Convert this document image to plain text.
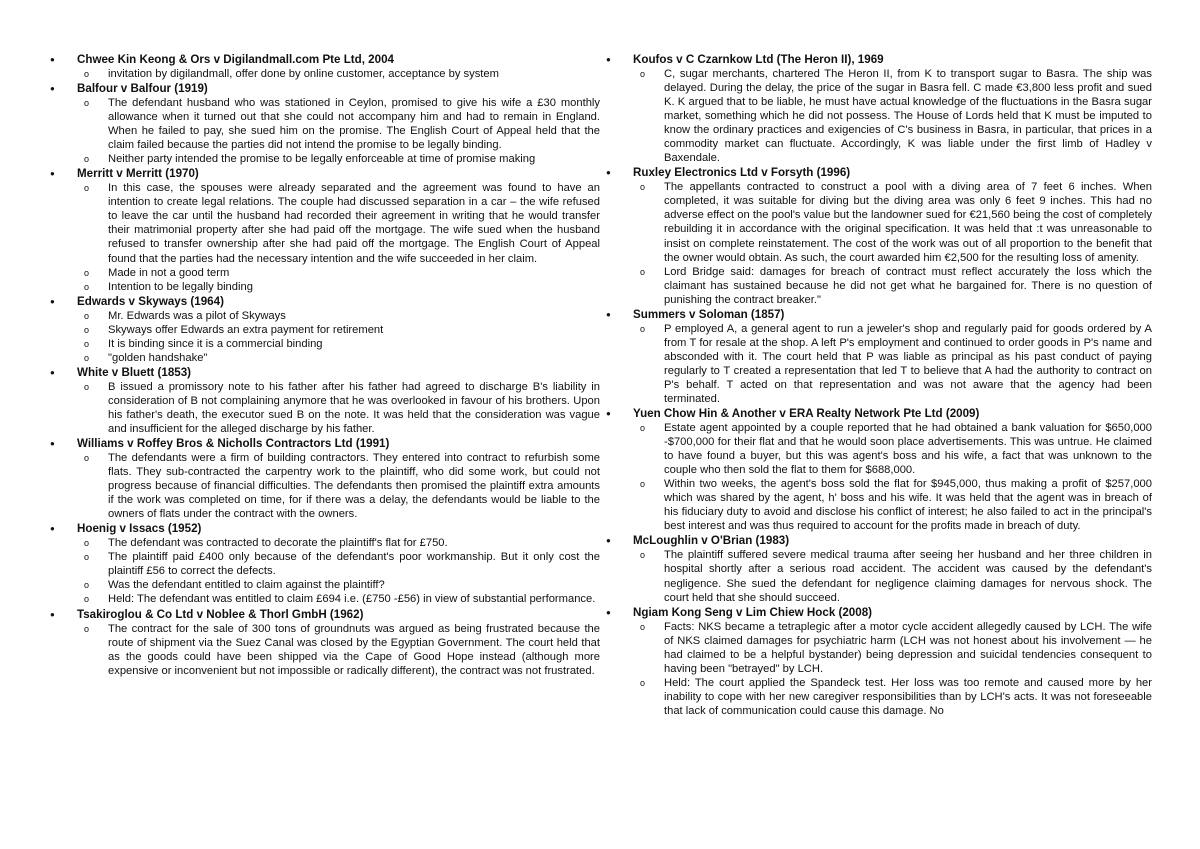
● Chwee Kin Keong & Ors v Digilandmall.com Pte Ltd, 2004
o invitation by digilandmall, offer done by online customer, acceptance by system
● Balfour v Balfour (1919)
o The defendant husband who was stationed in Ceylon, promised to give his wife a £30 monthly allowance when it turned out that she could not accompany him and had to remain in England. When he failed to pay, she sued him on the promise. The English Court of Appeal held that the claim failed because the parties did not intend the promise to be legally binding.
o Neither party intended the promise to be legally enforceable at time of promise making
● Merritt v Merritt (1970)
o In this case, the spouses were already separated and the agreement was found to have an intention to create legal relations. The couple had discussed separation in a car – the wife refused to leave the car until the husband had recorded their agreement in writing that he would transfer their matrimonial property after she had paid off the mortgage. The wife sued when the husband refused to transfer ownership after she had paid off the mortgage. The English Court of Appeal found that the parties had the necessary intention and the wife succeeded in her claim.
o Made in not a good term
o Intention to be legally binding
● Edwards v Skyways (1964)
o Mr. Edwards was a pilot of Skyways
o Skyways offer Edwards an extra payment for retirement
o It is binding since it is a commercial binding
o "golden handshake"
● White v Bluett (1853)
o B issued a promissory note to his father after his father had agreed to discharge B's liability in consideration of B not complaining anymore that he was overlooked in favour of his brothers. Upon his father's death, the executor sued B on the note. It was held that the consideration was vague and insufficient for the alleged discharge by his father.
● Williams v Roffey Bros & Nicholls Contractors Ltd (1991)
o The defendants were a firm of building contractors. They entered into contract to refurbish some flats. They sub-contracted the carpentry work to the plaintiff, who did some work, but could not progress because of financial difficulties. The defendants then promised the plaintiff extra amounts if the work was completed on time, for if there was a delay, the defendants would be liable to the owners of flats under the contract with the owners.
● Hoenig v Issacs (1952)
o The defendant was contracted to decorate the plaintiff's flat for £750.
o The plaintiff paid £400 only because of the defendant's poor workmanship. But it only cost the plaintiff £56 to correct the defects.
o Was the defendant entitled to claim against the plaintiff?
o Held: The defendant was entitled to claim £694 i.e. (£750 -£56) in view of substantial performance.
● Tsakiroglou & Co Ltd v Noblee & Thorl GmbH (1962)
o The contract for the sale of 300 tons of groundnuts was argued as being frustrated because the route of shipment via the Suez Canal was closed by the Egyptian Government. The court held that as the goods could have been shipped via the Cape of Good Hope instead (although more expensive or inconvenient but not impossible or radically different), the contract was not frustrated.
● Koufos v C Czarnkow Ltd (The Heron II), 1969
o C, sugar merchants, chartered The Heron II, from K to transport sugar to Basra. The ship was delayed. During the delay, the price of the sugar in Basra fell. C made €3,800 less profit and sued K. K argued that to be liable, he must have actual knowledge of the fluctuations in the Basra sugar market, something which he did not possess. The House of Lords held that K must be imputed to know the ordinary practices and exigencies of C's business in Basra, in particular, that prices in a commodity market can fluctuate. Accordingly, K was liable under the first limb of Hadley v Baxendale.
● Ruxley Electronics Ltd v Forsyth (1996)
o The appellants contracted to construct a pool with a diving area of 7 feet 6 inches. When completed, it was suitable for diving but the diving area was only 6 feet 9 inches. This had no adverse effect on the pool's value but the landowner sued for €21,560 being the cost of completely rebuilding it in accordance with the original specification. It was held that :t was unreasonable to insist on complete reinstatement. The cost of the work was out of all proportion to the benefit that the owner would obtain. As such, the court awarded him €2,500 for the resulting loss of amenity.
o Lord Bridge said: damages for breach of contract must reflect accurately the loss which the claimant has sustained because he did not get what he bargained for. There is no question of punishing the contract breaker."
● Summers v Soloman (1857)
o P employed A, a general agent to run a jeweler's shop and regularly paid for goods ordered by A from T for resale at the shop. A left P's employment and continued to order goods in P's name and absconded with it. The court held that P was liable as principal as his past conduct of paying regularly to T created a representation that led T to believe that A had the authority to contract on P's behalf. T acted on that representation and was not aware that the agency had been terminated.
● Yuen Chow Hin & Another v ERA Realty Network Pte Ltd (2009)
o Estate agent appointed by a couple reported that he had obtained a bank valuation for $650,000 -$700,000 for their flat and that he would soon place advertisements. This was untrue. He claimed to have found a buyer, but this was agent's boss and his wife, a fact that was unknown to the couple who then sold the flat to them for $688,000.
o Within two weeks, the agent's boss sold the flat for $945,000, thus making a profit of $257,000 which was shared by the agent, h' boss and his wife. It was held that the agent was in breach of his fiduciary duty to avoid and disclose his conflict of interest; he also failed to act in the principal's best interest and was thus required to account for the profits made in breach of duty.
● McLoughlin v O'Brian (1983)
o The plaintiff suffered severe medical trauma after seeing her husband and her three children in hospital shortly after a serious road accident. The accident was caused by the defendant's negligence. She sued the defendant for negligence claiming damages for nervous shock. The court held that she should succeed.
● Ngiam Kong Seng v Lim Chiew Hock (2008)
o Facts: NKS became a tetraplegic after a motor cycle accident allegedly caused by LCH. The wife of NKS claimed damages for psychiatric harm (LCH was not honest about his involvement — he had claimed to be a helpful bystander) being depression and suicidal tendencies consequent to having been "betrayed" by LCH.
o Held: The court applied the Spandeck test. Her loss was too remote and caused more by her inability to cope with her new caregiver responsibilities than by LCH's acts. It was not foreseeable that lack of communication could cause this damage. No
